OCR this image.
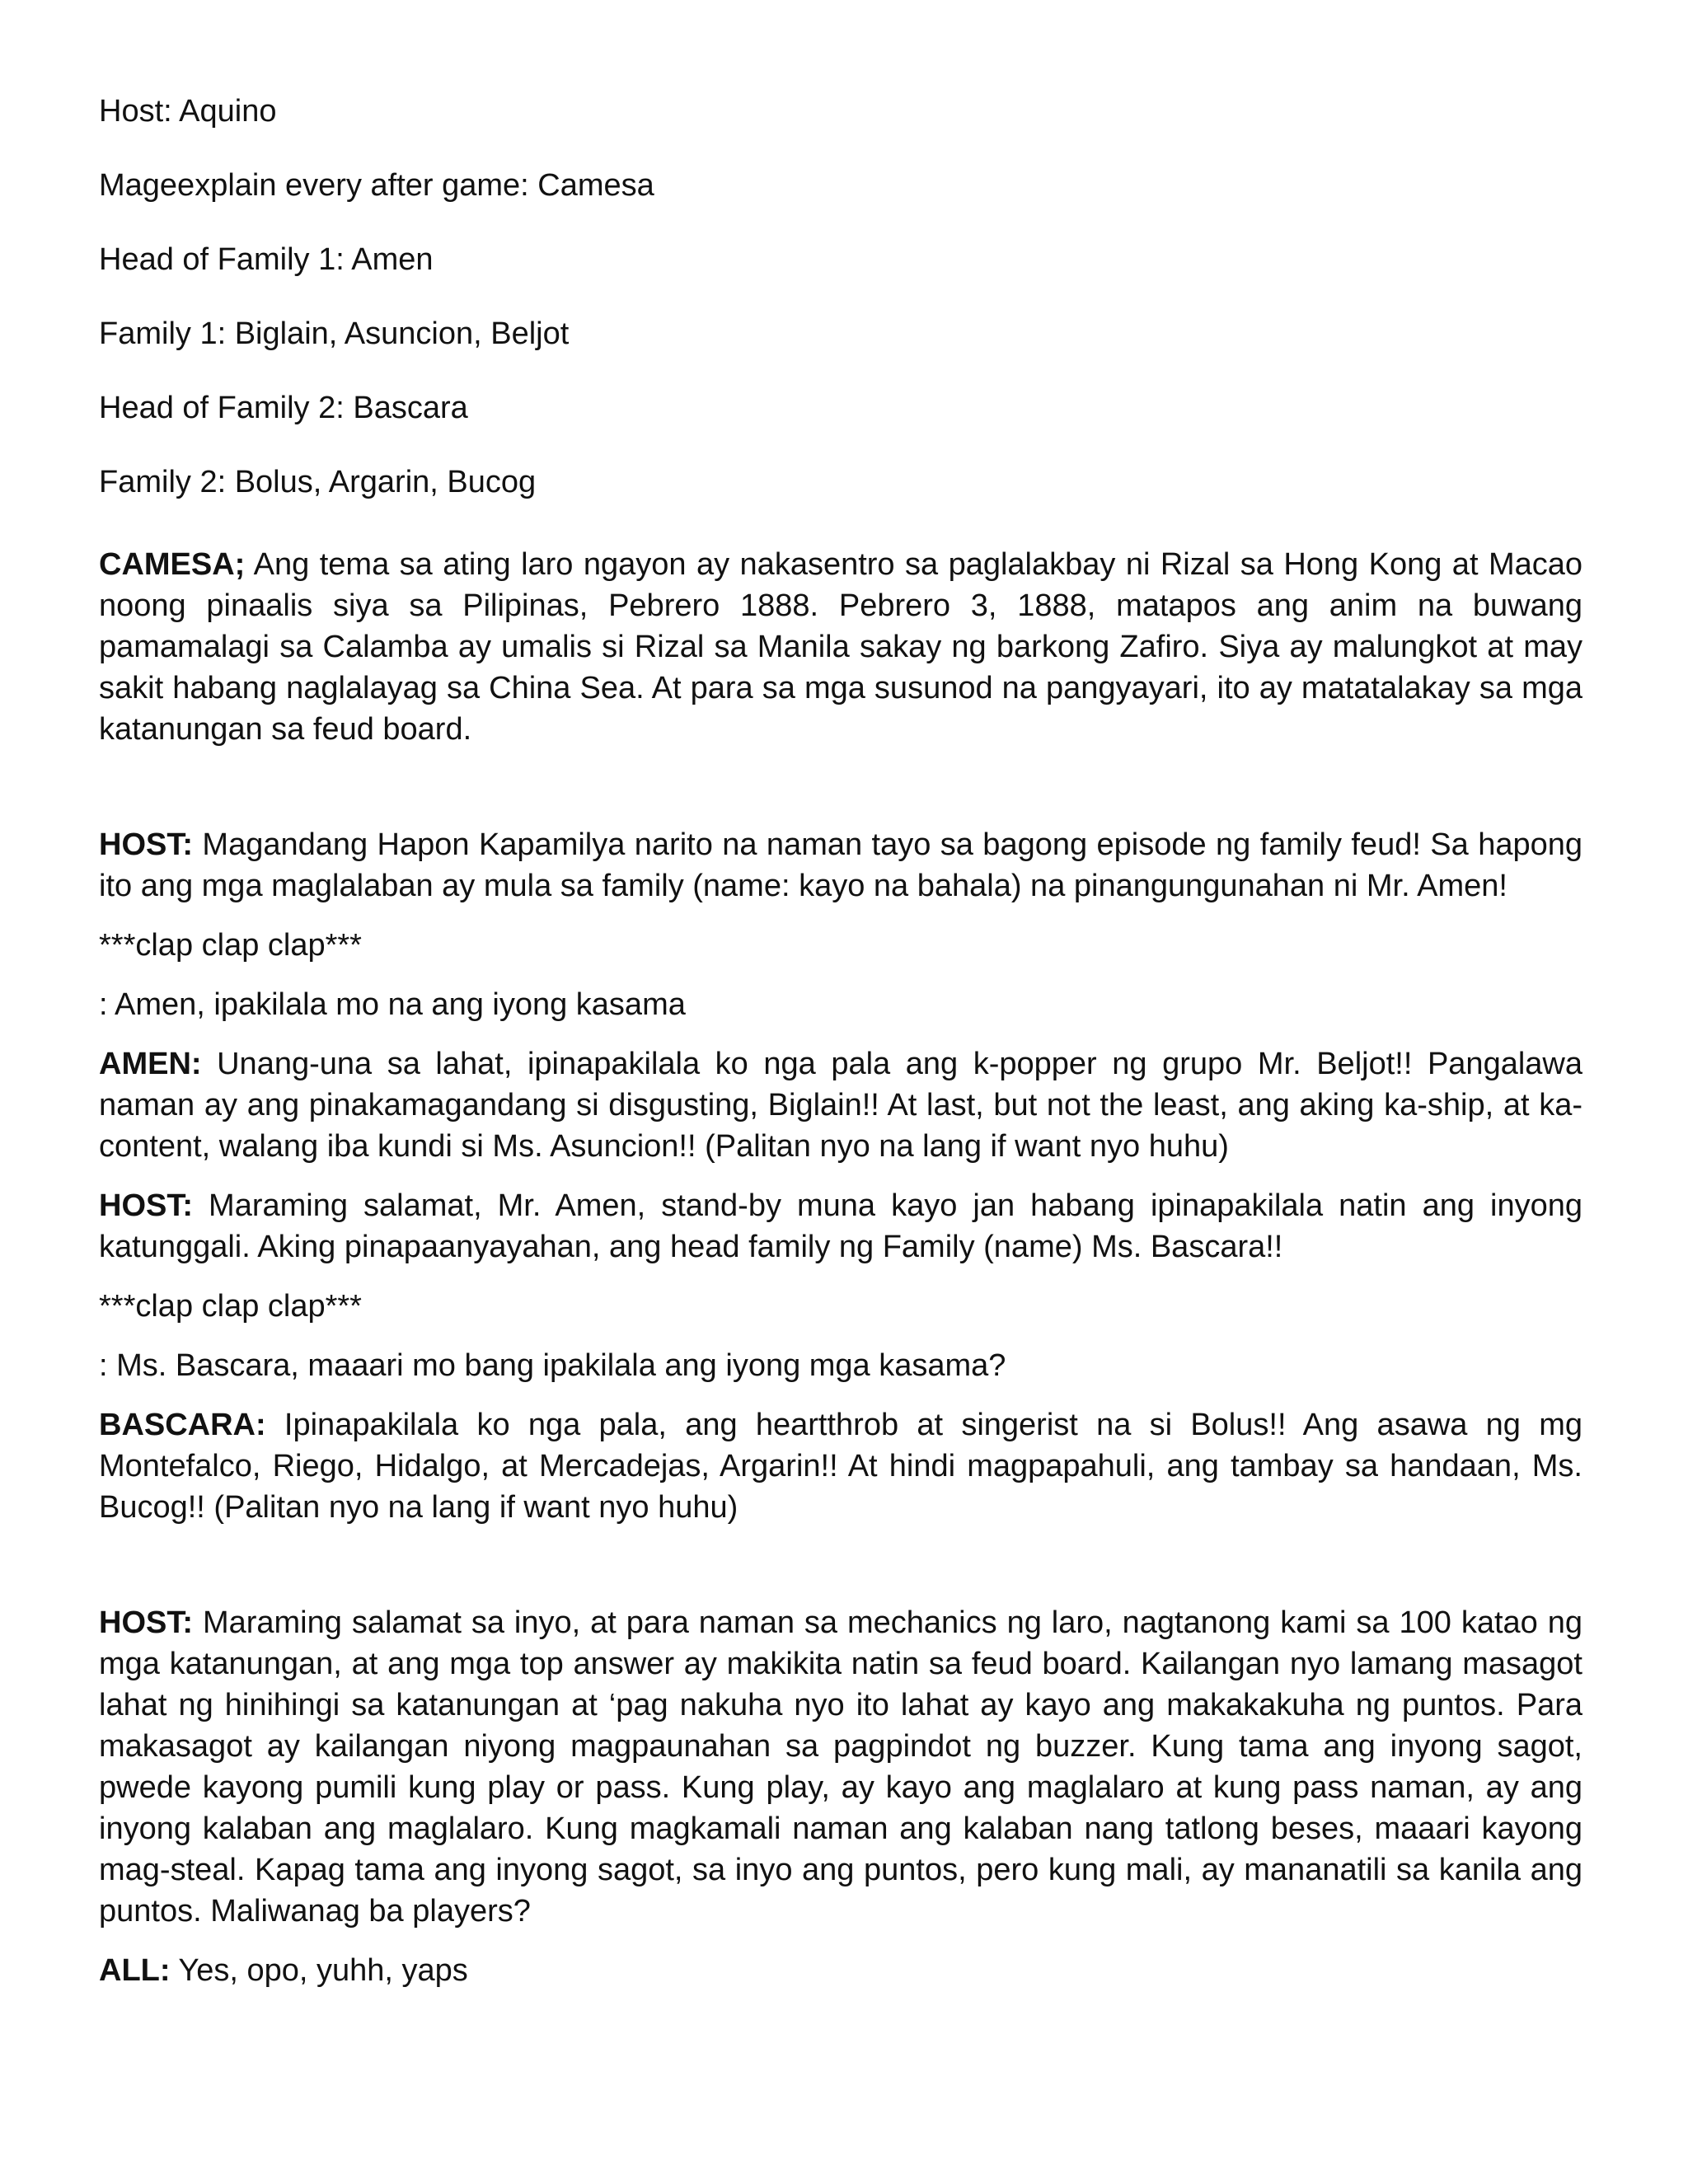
Host: Aquino

Mageexplain every after game: Camesa

Head of Family 1: Amen

Family 1: Biglain, Asuncion, Beljot

Head of Family 2: Bascara

Family 2: Bolus, Argarin, Bucog

CAMESA; Ang tema sa ating laro ngayon ay nakasentro sa paglalakbay ni Rizal sa Hong Kong at Macao noong pinaalis siya sa Pilipinas, Pebrero 1888. Pebrero 3, 1888, matapos ang anim na buwang pamamalagi sa Calamba ay umalis si Rizal sa Manila sakay ng barkong Zafiro. Siya ay malungkot at may sakit habang naglalayag sa China Sea. At para sa mga susunod na pangyayari, ito ay matatalakay sa mga katanungan sa feud board.

HOST: Magandang Hapon Kapamilya narito na naman tayo sa bagong episode ng family feud! Sa hapong ito ang mga maglalaban ay mula sa family (name: kayo na bahala) na pinangungunahan ni Mr. Amen!

***clap clap clap***

: Amen, ipakilala mo na ang iyong kasama

AMEN: Unang-una sa lahat, ipinapakilala ko nga pala ang k-popper ng grupo Mr. Beljot!! Pangalawa naman ay ang pinakamagandang si disgusting, Biglain!! At last, but not the least, ang aking ka-ship, at ka-content, walang iba kundi si Ms. Asuncion!! (Palitan nyo na lang if want nyo huhu)

HOST: Maraming salamat, Mr. Amen, stand-by muna kayo jan habang ipinapakilala natin ang inyong katunggali. Aking pinapaanyayahan, ang head family ng Family (name) Ms. Bascara!!

***clap clap clap***

: Ms. Bascara, maaari mo bang ipakilala ang iyong mga kasama?

BASCARA: Ipinapakilala ko nga pala, ang heartthrob at singerist na si Bolus!! Ang asawa ng mg Montefalco, Riego, Hidalgo, at Mercadejas, Argarin!! At hindi magpapahuli, ang tambay sa handaan, Ms. Bucog!! (Palitan nyo na lang if want nyo huhu)

HOST: Maraming salamat sa inyo, at para naman sa mechanics ng laro, nagtanong kami sa 100 katao ng mga katanungan, at ang mga top answer ay makikita natin sa feud board. Kailangan nyo lamang masagot lahat ng hinihingi sa katanungan at ‘pag nakuha nyo ito lahat ay kayo ang makakakuha ng puntos. Para makasagot ay kailangan niyong magpaunahan sa pagpindot ng buzzer. Kung tama ang inyong sagot, pwede kayong pumili kung play or pass. Kung play, ay kayo ang maglalaro at kung pass naman, ay ang inyong kalaban ang maglalaro. Kung magkamali naman ang kalaban nang tatlong beses, maaari kayong mag-steal. Kapag tama ang inyong sagot, sa inyo ang puntos, pero kung mali, ay mananatili sa kanila ang puntos. Maliwanag ba players?

ALL: Yes, opo, yuhh, yaps
